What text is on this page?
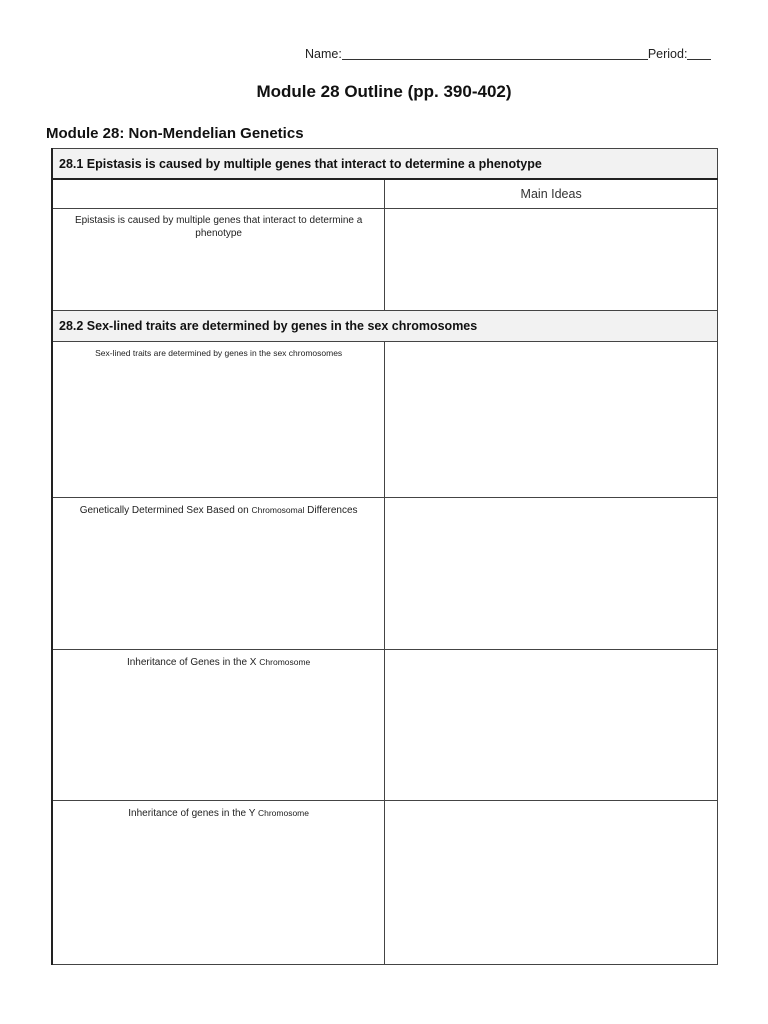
Name:	Period:
Module 28 Outline (pp. 390-402)
Module 28: Non-Mendelian Genetics
28.1 Epistasis is caused by multiple genes that interact to determine a phenotype	
	Main Ideas

Epistasis is caused by multiple genes that interact to determine a phenotype	

28.2 Sex-lined traits are determined by genes in the sex chromosomes	

Sex-lined traits are determined by genes in the sex chromosomes	

Genetically Determined Sex Based on Chromosomal Differences	

Inheritance of Genes in the X Chromosome	

Inheritance of genes in the Y Chromosome	
